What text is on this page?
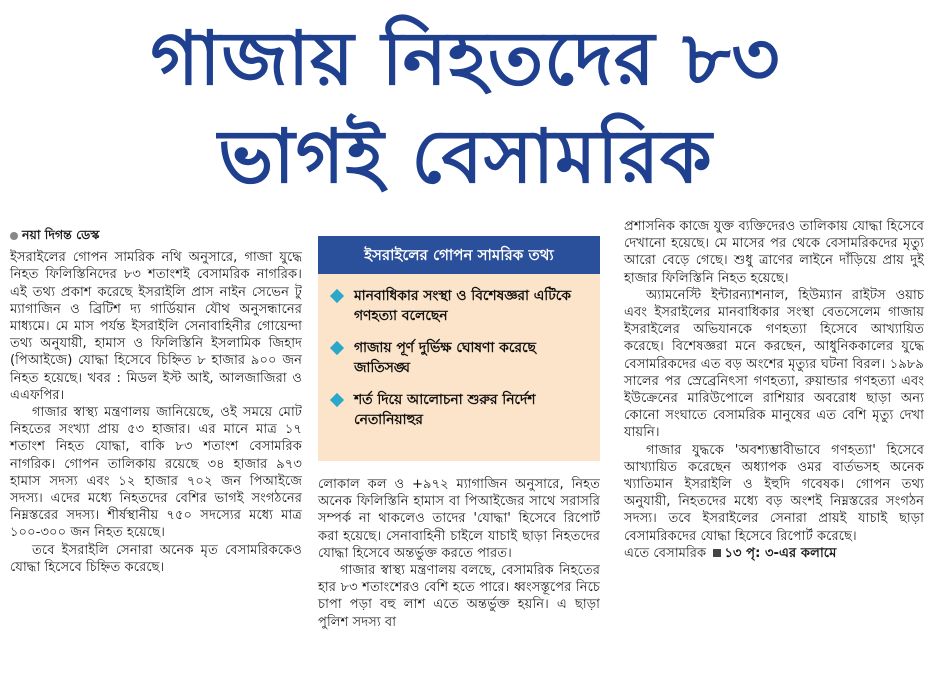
গাজায় নিহতদের ৮৩
ভাগই বেসামরিক
নয়া দিগন্ত ডেস্ক

ইসরাইলের গোপন সামরিক নথি অনুসারে, গাজা যুদ্ধে নিহত ফিলিস্তিনিদের ৮৩ শতাংশই বেসামরিক নাগরিক। এই তথ্য প্রকাশ করেছে ইসরাইলি প্রাস নাইন সেভেন টু ম্যাগাজিন ও ব্রিটিশ দ্য গার্ডিয়ান যৌথ অনুসন্ধানের মাধ্যমে। মে মাস পর্যন্ত ইসরাইলি সেনাবাহিনীর গোয়েন্দা তথ্য অনুযায়ী, হামাস ও ফিলিস্তিনি ইসলামিক জিহাদ (পিআইজে) যোদ্ধা হিসেবে চিহ্নিত ৮ হাজার ৯০০ জন নিহত হয়েছে। খবর : মিডল ইস্ট আই, আলজাজিরা ও এএফপির।

গাজার স্বাস্থ্য মন্ত্রণালয় জানিয়েছে, ওই সময়ে মোট নিহতের সংখ্যা প্রায় ৫৩ হাজার। এর মানে মাত্র ১৭ শতাংশ নিহত যোদ্ধা, বাকি ৮৩ শতাংশ বেসামরিক নাগরিক। গোপন তালিকায় রয়েছে ৩৪ হাজার ৯৭৩ হামাস সদস্য এবং ১২ হাজার ৭০২ জন পিআইজে সদস্য। এদের মধ্যে নিহতদের বেশির ভাগই সংগঠনের নিম্নস্তরের সদস্য। শীর্ষস্থানীয় ৭৫০ সদস্যের মধ্যে মাত্র ১০০-৩০০ জন নিহত হয়েছে।

তবে ইসরাইলি সেনারা অনেক মৃত বেসামরিককেও যোদ্ধা হিসেবে চিহ্নিত করেছে।

ইসরাইলের গোপন সামরিক তথ্য
মানবাধিকার সংস্থা ও বিশেষজ্ঞরা এটিকে গণহত্যা বলেছেন
গাজায় পূর্ণ দুর্ভিক্ষ ঘোষণা করেছে জাতিসঙ্ঘ
শর্ত দিয়ে আলোচনা শুরুর নির্দেশ নেতানিয়াহুর

লোকাল কল ও +৯৭২ ম্যাগাজিন অনুসারে, নিহত অনেক ফিলিস্তিনি হামাস বা পিআইজের সাথে সরাসরি সম্পর্ক না থাকলেও তাদের 'যোদ্ধা' হিসেবে রিপোর্ট করা হয়েছে। সেনাবাহিনী চাইলে যাচাই ছাড়া নিহতদের যোদ্ধা হিসেবে অন্তর্ভুক্ত করতে পারত।

গাজার স্বাস্থ্য মন্ত্রণালয় বলছে, বেসামরিক নিহতের হার ৮৩ শতাংশেরও বেশি হতে পারে। ধ্বংসস্তূপের নিচে চাপা পড়া বহু লাশ এতে অন্তর্ভুক্ত হয়নি। এ ছাড়া পুলিশ সদস্য বা

প্রশাসনিক কাজে যুক্ত ব্যক্তিদেরও তালিকায় যোদ্ধা হিসেবে দেখানো হয়েছে। মে মাসের পর থেকে বেসামরিকদের মৃত্যু আরো বেড়ে গেছে। শুধু ত্রাণের লাইনে দাঁড়িয়ে প্রায় দুই হাজার ফিলিস্তিনি নিহত হয়েছে।

অ্যামনেস্টি ইন্টারন্যাশনাল, হিউম্যান রাইটস ওয়াচ এবং ইসরাইলের মানবাধিকার সংস্থা বেতসেলেম গাজায় ইসরাইলের অভিযানকে গণহত্যা হিসেবে আখ্যায়িত করেছে। বিশেষজ্ঞরা মনে করছেন, আধুনিককালের যুদ্ধে বেসামরিকদের এত বড় অংশের মৃত্যুর ঘটনা বিরল। ১৯৮৯ সালের পর স্রেব্রেনিৎসা গণহত্যা, রুয়ান্ডার গণহত্যা এবং ইউক্রেনের মারিউপোলে রাশিয়ার অবরোধ ছাড়া অন্য কোনো সংঘাতে বেসামরিক মানুষের এত বেশি মৃত্যু দেখা যায়নি।

গাজার যুদ্ধকে 'অবশ্যম্ভাবীভাবে গণহত্যা' হিসেবে আখ্যায়িত করেছেন অধ্যাপক ওমর বার্তভসহ অনেক খ্যাতিমান ইসরাইলি ও ইহুদি গবেষক। গোপন তথ্য অনুযায়ী, নিহতদের মধ্যে বড় অংশই নিম্নস্তরের সংগঠন সদস্য। তবে ইসরাইলের সেনারা প্রায়ই যাচাই ছাড়া বেসামরিকদের যোদ্ধা হিসেবে রিপোর্ট করেছে।

এতে বেসামরিক ১৩ পৃ: ৩-এর কলামে
